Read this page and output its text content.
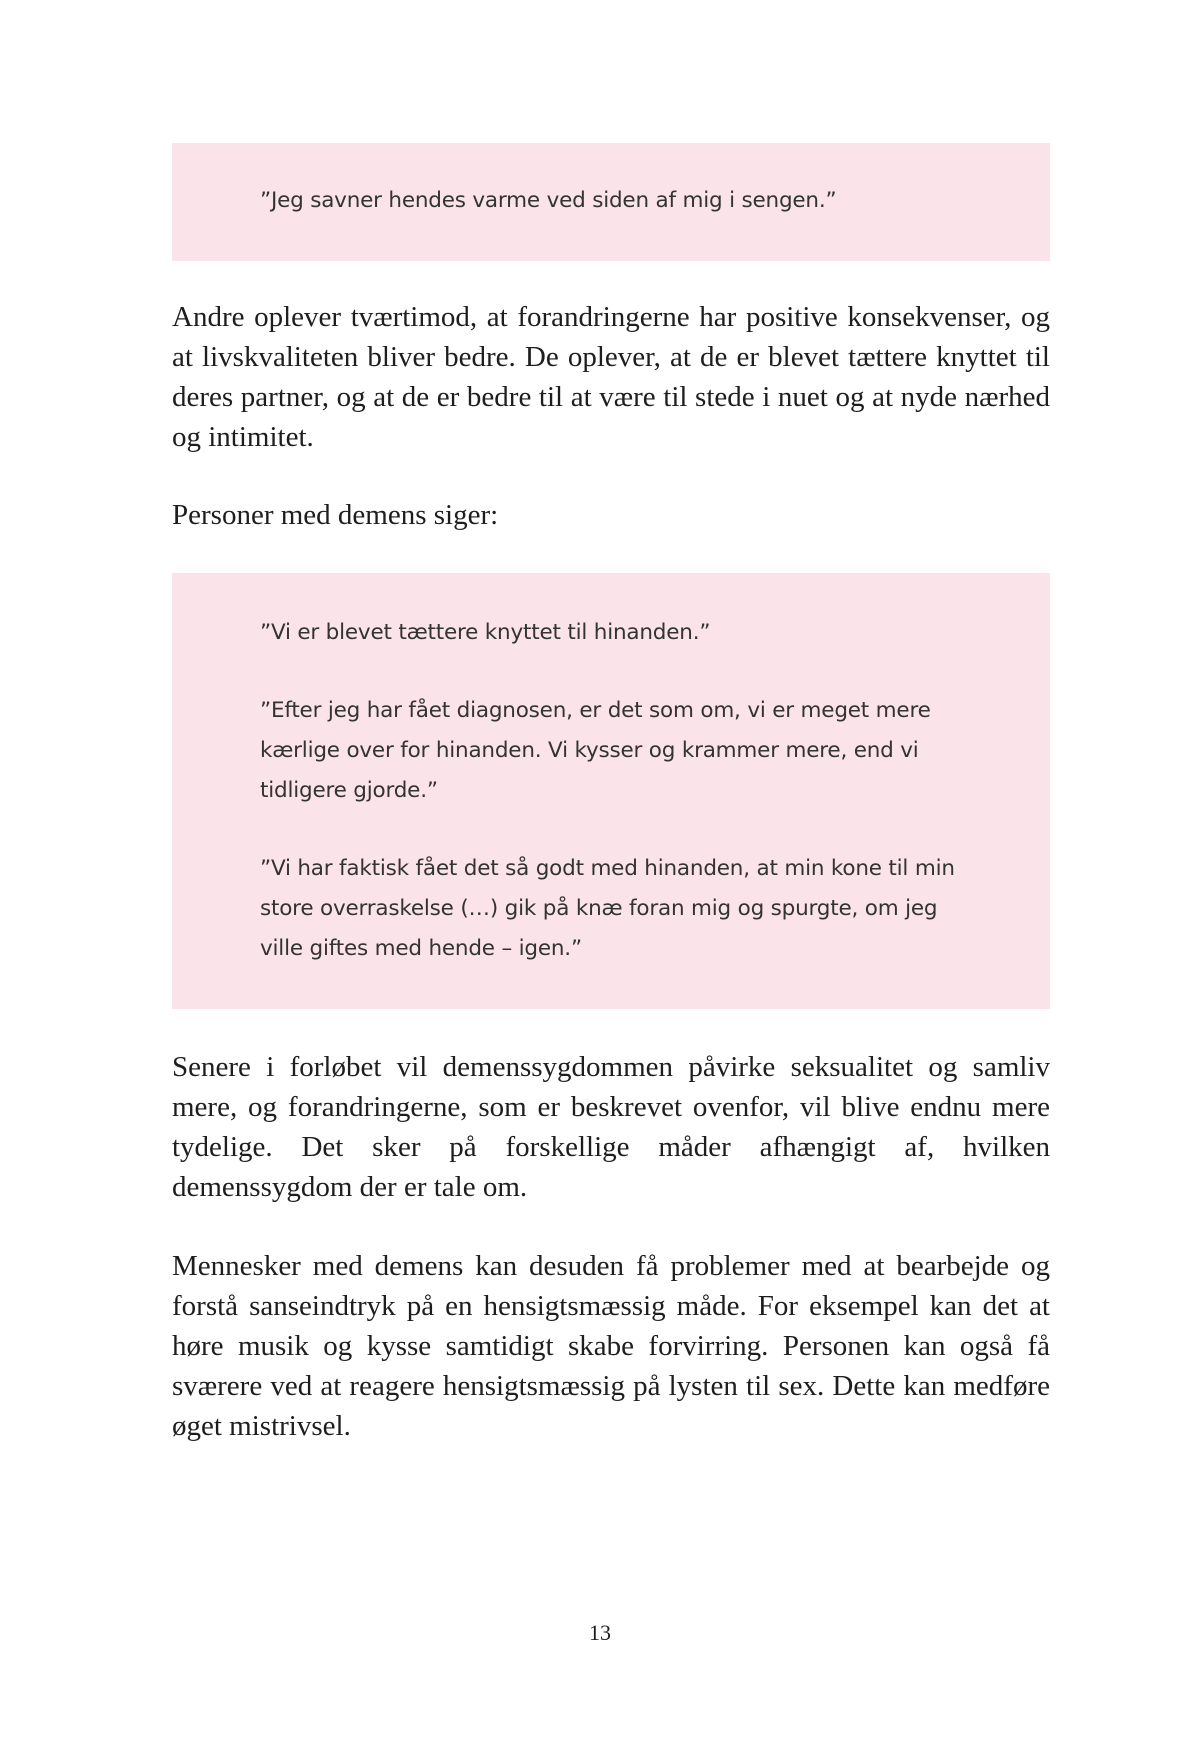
”Jeg savner hendes varme ved siden af mig i sengen.”

Andre oplever tværtimod, at forandringerne har positive konsekvenser, og at livskvaliteten bliver bedre. De oplever, at de er blevet tættere knyttet til deres partner, og at de er bedre til at være til stede i nuet og at nyde nærhed og intimitet.

Personer med demens siger:

”Vi er blevet tættere knyttet til hinanden.”

”Efter jeg har fået diagnosen, er det som om, vi er meget mere kærlige over for hinanden. Vi kysser og krammer mere, end vi tidligere gjorde.”

”Vi har faktisk fået det så godt med hinanden, at min kone til min store overraskelse (…) gik på knæ foran mig og spurgte, om jeg ville giftes med hende – igen.”

Senere i forløbet vil demenssygdommen påvirke seksualitet og samliv mere, og forandringerne, som er beskrevet ovenfor, vil blive endnu mere tydelige. Det sker på forskellige måder afhængigt af, hvilken demenssygdom der er tale om.

Mennesker med demens kan desuden få problemer med at bearbejde og forstå sanseindtryk på en hensigtsmæssig måde. For eksempel kan det at høre musik og kysse samtidigt skabe forvirring. Personen kan også få sværere ved at reagere hensigtsmæssig på lysten til sex. Dette kan medføre øget mistrivsel.

13
